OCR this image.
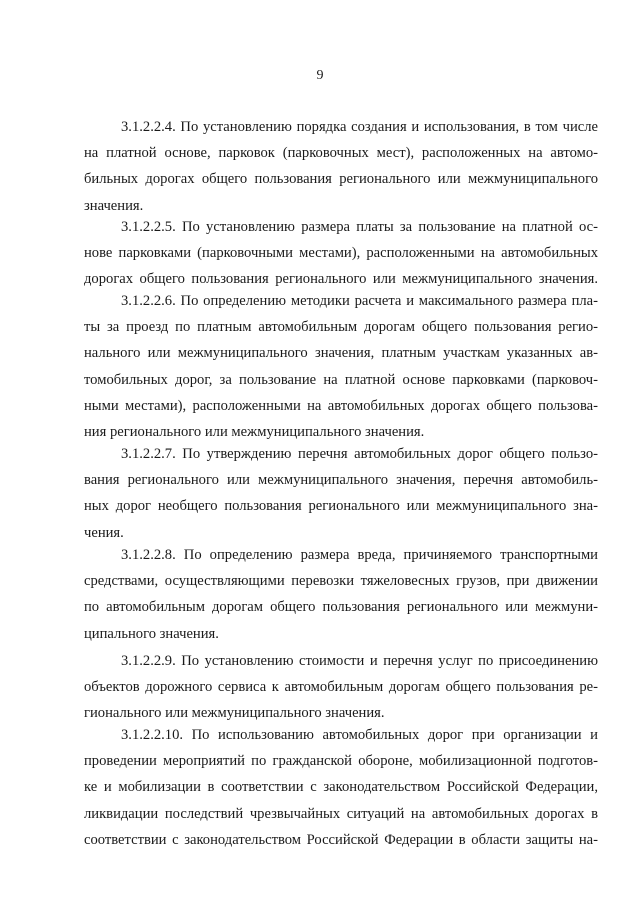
9
3.1.2.2.4. По установлению порядка создания и использования, в том числе
на платной основе, парковок (парковочных мест), расположенных на автомо-
бильных дорогах общего пользования регионального или межмуниципального
значения.
3.1.2.2.5. По установлению размера платы за пользование на платной ос-
нове парковками (парковочными местами), расположенными на автомобильных
дорогах общего пользования регионального или межмуниципального значения.
3.1.2.2.6. По определению методики расчета и максимального размера пла-
ты за проезд по платным автомобильным дорогам общего пользования регио-
нального или межмуниципального значения, платным участкам указанных ав-
томобильных дорог, за пользование на платной основе парковками (парковоч-
ными местами), расположенными на автомобильных дорогах общего пользова-
ния регионального или межмуниципального значения.
3.1.2.2.7. По утверждению перечня автомобильных дорог общего пользо-
вания регионального или межмуниципального значения, перечня автомобиль-
ных дорог необщего пользования регионального или межмуниципального зна-
чения.
3.1.2.2.8. По определению размера вреда, причиняемого транспортными
средствами, осуществляющими перевозки тяжеловесных грузов, при движении
по автомобильным дорогам общего пользования регионального или межмуни-
ципального значения.
3.1.2.2.9. По установлению стоимости и перечня услуг по присоединению
объектов дорожного сервиса к автомобильным дорогам общего пользования ре-
гионального или межмуниципального значения.
3.1.2.2.10. По использованию автомобильных дорог при организации и
проведении мероприятий по гражданской обороне, мобилизационной подготов-
ке и мобилизации в соответствии с законодательством Российской Федерации,
ликвидации последствий чрезвычайных ситуаций на автомобильных дорогах в
соответствии с законодательством Российской Федерации в области защиты на-
